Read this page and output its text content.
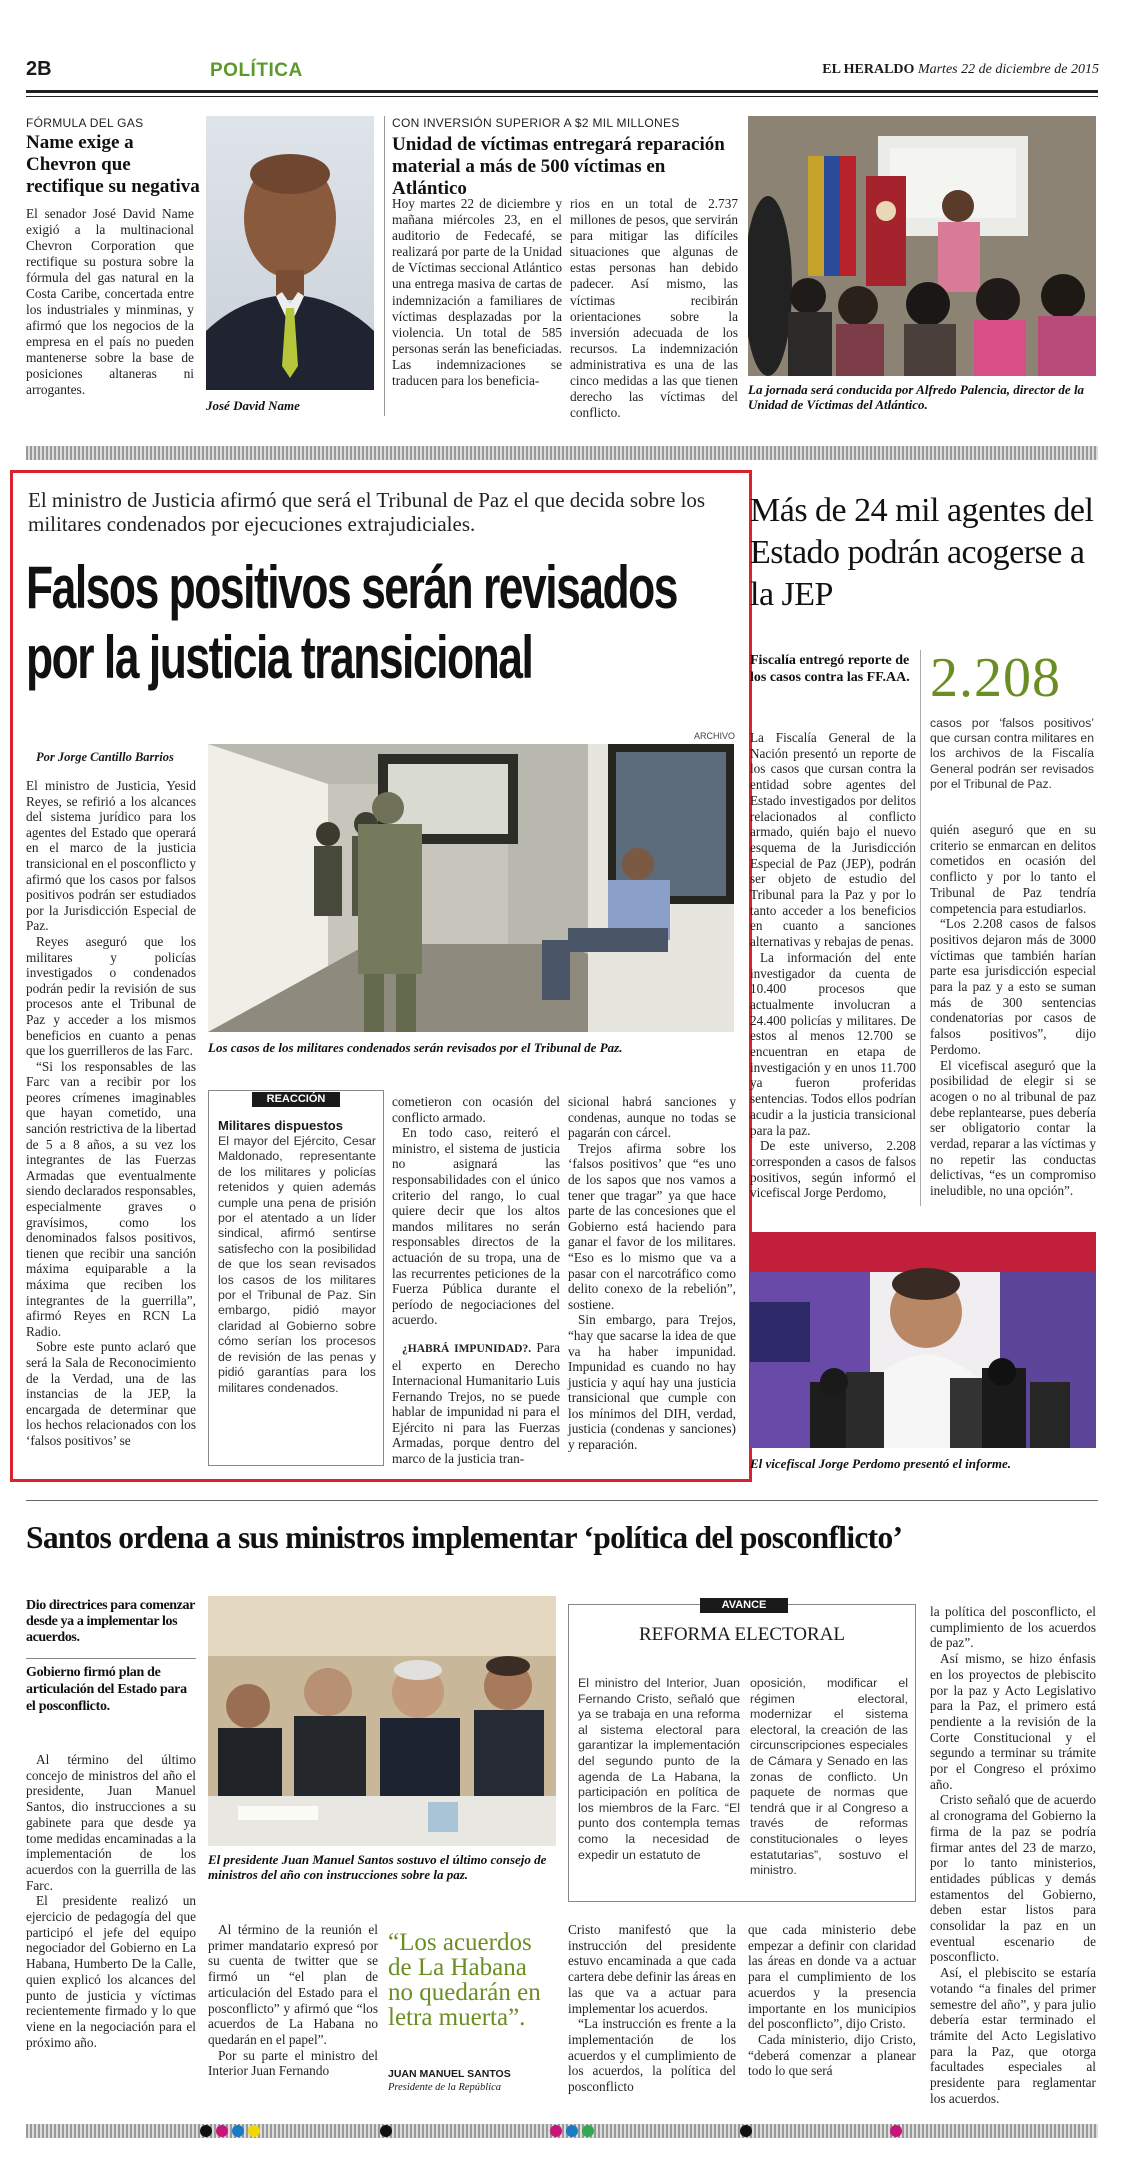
2B	POLÍTICA	EL HERALDO Martes 22 de diciembre de 2015
FÓRMULA DEL GAS
Name exige a Chevron que rectifique su negativa
El senador José David Name exigió a la multinacional Chevron Corporation que rectifique su postura sobre la fórmula del gas natural en la Costa Caribe, concertada entre los industriales y minminas, y afirmó que los negocios de la empresa en el país no pueden mantenerse sobre la base de posiciones altaneras ni arrogantes.
José David Name
CON INVERSIÓN SUPERIOR A $2 MIL MILLONES
Unidad de víctimas entregará reparación material a más de 500 víctimas en Atlántico
Hoy martes 22 de diciembre y mañana miércoles 23, en el auditorio de Fedecafé, se realizará por parte de la Unidad de Víctimas seccional Atlántico una entrega masiva de cartas de indemnización a familiares de víctimas desplazadas por la violencia. Un total de 585 personas serán las beneficiadas. Las indemnizaciones se traducen para los beneficia-
rios en un total de 2.737 millones de pesos, que servirán para mitigar las difíciles situaciones que algunas de estas personas han debido padecer. Así mismo, las víctimas recibirán orientaciones sobre la inversión adecuada de los recursos. La indemnización administrativa es una de las cinco medidas a las que tienen derecho las víctimas del conflicto.
La jornada será conducida por Alfredo Palencia, director de la Unidad de Víctimas del Atlántico.
El ministro de Justicia afirmó que será el Tribunal de Paz el que decida sobre los militares condenados por ejecuciones extrajudiciales.
Falsos positivos serán revisados
por la justicia transicional
ARCHIVO
Por Jorge Cantillo Barrios

El ministro de Justicia, Yesid Reyes, se refirió a los alcances del sistema jurídico para los agentes del Estado que operará en el marco de la justicia transicional en el posconflicto y afirmó que los casos por falsos positivos podrán ser estudiados por la Jurisdicción Especial de Paz.

Reyes aseguró que los militares y policías investigados o condenados podrán pedir la revisión de sus procesos ante el Tribunal de Paz y acceder a los mismos beneficios en cuanto a penas que los guerrilleros de las Farc.

“Si los responsables de las Farc van a recibir por los peores crímenes imaginables que hayan cometido, una sanción restrictiva de la libertad de 5 a 8 años, a su vez los integrantes de las Fuerzas Armadas que eventualmente siendo declarados responsables, especialmente graves o gravísimos, como los denominados falsos positivos, tienen que recibir una sanción máxima equiparable a la máxima que reciben los integrantes de la guerrilla”, afirmó Reyes en RCN La Radio.

Sobre este punto aclaró que será la Sala de Reconocimiento de la Verdad, una de las instancias de la JEP, la encargada de determinar que los hechos relacionados con los ‘falsos positivos’ se

Los casos de los militares condenados serán revisados por el Tribunal de Paz.
REACCIÓN
Militares dispuestos
El mayor del Ejército, Cesar Maldonado, representante de los militares y policías retenidos y quien además cumple una pena de prisión por el atentado a un líder sindical, afirmó sentirse satisfecho con la posibilidad de que los sean revisados los casos de los militares por el Tribunal de Paz. Sin embargo, pidió mayor claridad al Gobierno sobre cómo serían los procesos de revisión de las penas y pidió garantías para los militares condenados.

cometieron con ocasión del conflicto armado.

En todo caso, reiteró el ministro, el sistema de justicia no asignará las responsabilidades con el único criterio del rango, lo cual quiere decir que los altos mandos militares no serán responsables directos de la actuación de su tropa, una de las recurrentes peticiones de la Fuerza Pública durante el período de negociaciones del acuerdo.

¿HABRÁ IMPUNIDAD?. Para el experto en Derecho Internacional Humanitario Luis Fernando Trejos, no se puede hablar de impunidad ni para el Ejército ni para las Fuerzas Armadas, porque dentro del marco de la justicia tran-

sicional habrá sanciones y condenas, aunque no todas se pagarán con cárcel.

Trejos afirma sobre los ‘falsos positivos’ que “es uno de los sapos que nos vamos a tener que tragar” ya que hace parte de las concesiones que el Gobierno está haciendo para ganar el favor de los militares. “Eso es lo mismo que va a pasar con el narcotráfico como delito conexo de la rebelión”, sostiene.

Sin embargo, para Trejos, “hay que sacarse la idea de que va ha haber impunidad. Impunidad es cuando no hay justicia y aquí hay una justicia transicional que cumple con los mínimos del DIH, verdad, justicia (condenas y sanciones) y reparación.

Más de 24 mil agentes del Estado podrán acogerse a la JEP
Fiscalía entregó reporte de los casos contra las FF.AA. 2.208
casos por ‘falsos positivos’ que cursan contra militares en los archivos de la Fiscalía General podrán ser revisados por el Tribunal de Paz.

La Fiscalía General de la Nación presentó un reporte de los casos que cursan contra la entidad sobre agentes del Estado investigados por delitos relacionados al conflicto armado, quién bajo el nuevo esquema de la Jurisdicción Especial de Paz (JEP), podrán ser objeto de estudio del Tribunal para la Paz y por lo tanto acceder a los beneficios en cuanto a sanciones alternativas y rebajas de penas.

La información del ente investigador da cuenta de 10.400 procesos que actualmente involucran a 24.400 policías y militares. De estos al menos 12.700 se encuentran en etapa de investigación y en unos 11.700 ya fueron proferidas sentencias. Todos ellos podrían acudir a la justicia transicional para la paz.

De este universo, 2.208 corresponden a casos de falsos positivos, según informó el vicefiscal Jorge Perdomo,

quién aseguró que en su criterio se enmarcan en delitos cometidos en ocasión del conflicto y por lo tanto el Tribunal de Paz tendría competencia para estudiarlos.

“Los 2.208 casos de falsos positivos dejaron más de 3000 víctimas que también harían parte esa jurisdicción especial para la paz y a esto se suman más de 300 sentencias condenatorias por casos de falsos positivos”, dijo Perdomo.

El vicefiscal aseguró que la posibilidad de elegir si se acogen o no al tribunal de paz debe replantearse, pues debería ser obligatorio contar la verdad, reparar a las víctimas y no repetir las conductas delictivas, “es un compromiso ineludible, no una opción”.

El vicefiscal Jorge Perdomo presentó el informe.
Santos ordena a sus ministros implementar ‘política del posconflicto’
Dio directrices para comenzar desde ya a implementar los acuerdos.
Gobierno firmó plan de articulación del Estado para el posconflicto.

Al término del último concejo de ministros del año el presidente, Juan Manuel Santos, dio instrucciones a su gabinete para que desde ya tome medidas encaminadas a la implementación de los acuerdos con la guerrilla de las Farc.

El presidente realizó un ejercicio de pedagogía del que participó el jefe del equipo negociador del Gobierno en La Habana, Humberto De la Calle, quien explicó los alcances del punto de justicia y víctimas recientemente firmado y lo que viene en la negociación para el próximo año.

El presidente Juan Manuel Santos sostuvo el último consejo de ministros del año con instrucciones sobre la paz.

Al término de la reunión el primer mandatario expresó por su cuenta de twitter que se firmó un “el plan de articulación del Estado para el posconflicto” y afirmó que “los acuerdos de La Habana no quedarán en el papel”.

Por su parte el ministro del Interior Juan Fernando

“Los acuerdos de La Habana no quedarán en letra muerta”.
JUAN MANUEL SANTOS
Presidente de la República
AVANCE
REFORMA ELECTORAL
El ministro del Interior, Juan Fernando Cristo, señaló que ya se trabaja en una reforma al sistema electoral para garantizar la implementación del segundo punto de la agenda de La Habana, la participación en política de los miembros de la Farc. “El punto dos contempla temas como la necesidad de expedir un estatuto de
oposición, modificar el régimen electoral, modernizar el sistema electoral, la creación de las circunscripciones especiales de Cámara y Senado en las zonas de conflicto. Un paquete de normas que tendrá que ir al Congreso a través de reformas constitucionales o leyes estatutarias”, sostuvo el ministro.

Cristo manifestó que la instrucción del presidente estuvo encaminada a que cada cartera debe definir las áreas en las que va a actuar para implementar los acuerdos.

“La instrucción es frente a la implementación de los acuerdos y el cumplimiento de los acuerdos, la política del posconflicto

que cada ministerio debe empezar a definir con claridad las áreas en donde va a actuar para el cumplimiento de los acuerdos y la presencia importante en los municipios del posconflicto”, dijo Cristo.

Cada ministerio, dijo Cristo, “deberá comenzar a planear todo lo que será

la política del posconflicto, el cumplimiento de los acuerdos de paz”.

Así mismo, se hizo énfasis en los proyectos de plebiscito por la paz y Acto Legislativo para la Paz, el primero está pendiente a la revisión de la Corte Constitucional y el segundo a terminar su trámite por el Congreso el próximo año.

Cristo señaló que de acuerdo al cronograma del Gobierno la firma de la paz se podría firmar antes del 23 de marzo, por lo tanto ministerios, entidades públicas y demás estamentos del Gobierno, deben estar listos para consolidar la paz en un eventual escenario de posconflicto.

Así, el plebiscito se estaría votando “a finales del primer semestre del año”, y para julio debería estar terminado el trámite del Acto Legislativo para la Paz, que otorga facultades especiales al presidente para reglamentar los acuerdos.
